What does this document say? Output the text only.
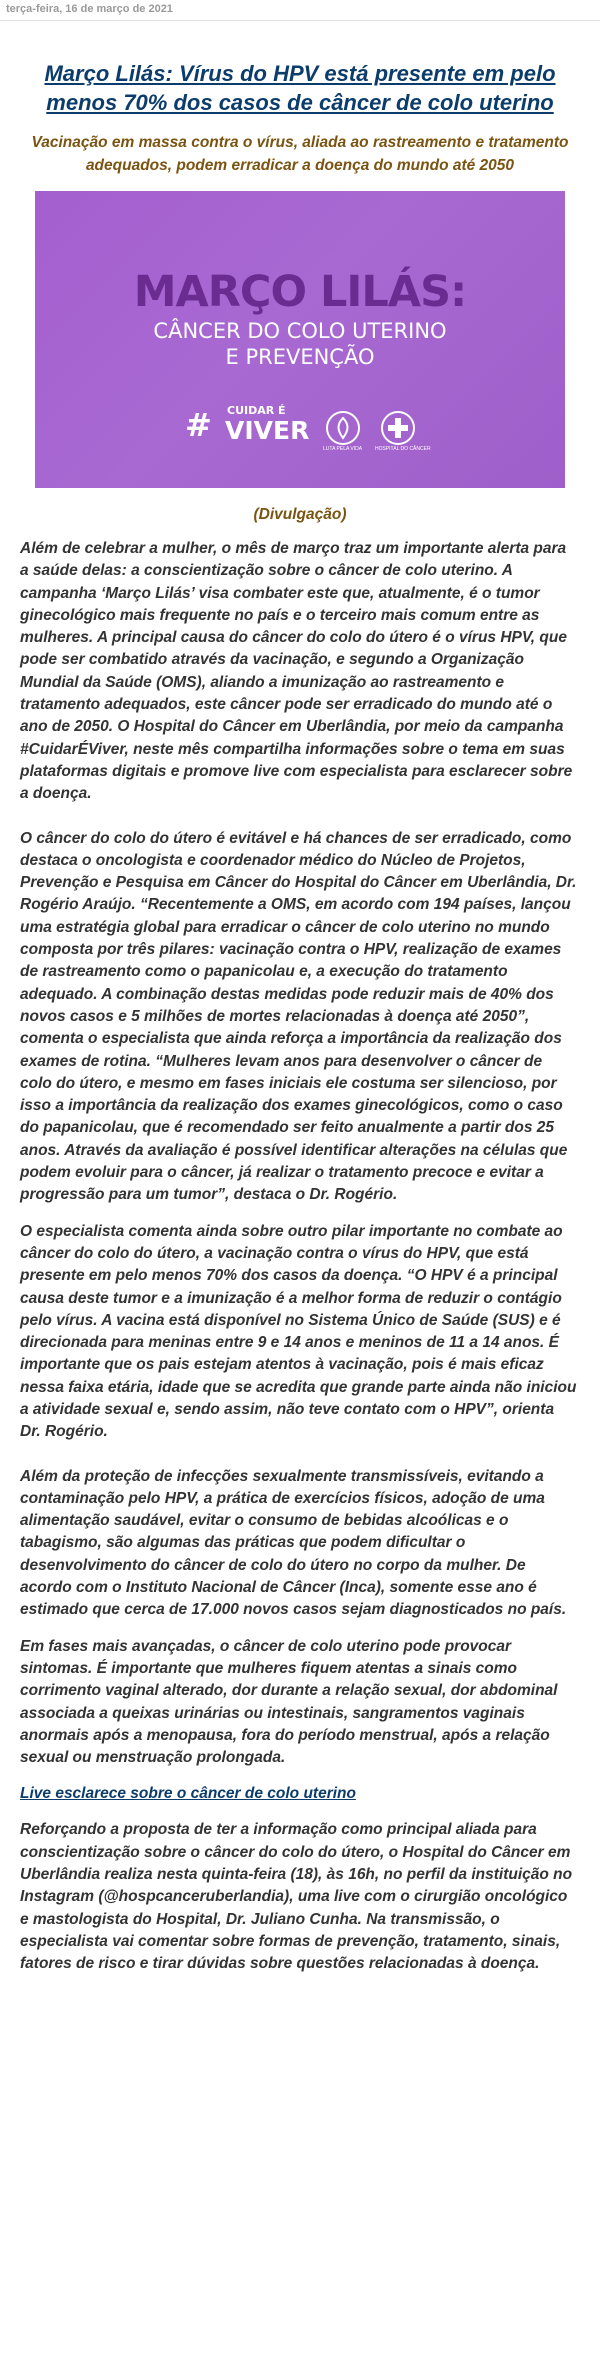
terça-feira, 16 de março de 2021
Março Lilás: Vírus do HPV está presente em pelo menos 70% dos casos de câncer de colo uterino
Vacinação em massa contra o vírus, aliada ao rastreamento e tratamento adequados, podem erradicar a doença do mundo até 2050
MARÇO LILÁS:
CÂNCER DO COLO UTERINO
E PREVENÇÃO
# CUIDAR É
VIVER
LUTA PELA VIDA	HOSPITAL DO CÂNCER
(Divulgação)

Além de celebrar a mulher, o mês de março traz um importante alerta para a saúde delas: a conscientização sobre o câncer de colo uterino. A campanha ‘Março Lilás’ visa combater este que, atualmente, é o tumor ginecológico mais frequente no país e o terceiro mais comum entre as mulheres. A principal causa do câncer do colo do útero é o vírus HPV, que pode ser combatido através da vacinação, e segundo a Organização Mundial da Saúde (OMS), aliando a imunização ao rastreamento e tratamento adequados, este câncer pode ser erradicado do mundo até o ano de 2050. O Hospital do Câncer em Uberlândia, por meio da campanha #CuidarÉViver, neste mês compartilha informações sobre o tema em suas plataformas digitais e promove live com especialista para esclarecer sobre a doença.

O câncer do colo do útero é evitável e há chances de ser erradicado, como destaca o oncologista e coordenador médico do Núcleo de Projetos, Prevenção e Pesquisa em Câncer do Hospital do Câncer em Uberlândia, Dr. Rogério Araújo. “Recentemente a OMS, em acordo com 194 países, lançou uma estratégia global para erradicar o câncer de colo uterino no mundo composta por três pilares: vacinação contra o HPV, realização de exames de rastreamento como o papanicolau e, a execução do tratamento adequado. A combinação destas medidas pode reduzir mais de 40% dos novos casos e 5 milhões de mortes relacionadas à doença até 2050”, comenta o especialista que ainda reforça a importância da realização dos exames de rotina. “Mulheres levam anos para desenvolver o câncer de colo do útero, e mesmo em fases iniciais ele costuma ser silencioso, por isso a importância da realização dos exames ginecológicos, como o caso do papanicolau, que é recomendado ser feito anualmente a partir dos 25 anos. Através da avaliação é possível identificar alterações na células que podem evoluir para o câncer, já realizar o tratamento precoce e evitar a progressão para um tumor”, destaca o Dr. Rogério.

O especialista comenta ainda sobre outro pilar importante no combate ao câncer do colo do útero, a vacinação contra o vírus do HPV, que está presente em pelo menos 70% dos casos da doença. “O HPV é a principal causa deste tumor e a imunização é a melhor forma de reduzir o contágio pelo vírus. A vacina está disponível no Sistema Único de Saúde (SUS) e é direcionada para meninas entre 9 e 14 anos e meninos de 11 a 14 anos. É importante que os pais estejam atentos à vacinação, pois é mais eficaz nessa faixa etária, idade que se acredita que grande parte ainda não iniciou a atividade sexual e, sendo assim, não teve contato com o HPV”, orienta Dr. Rogério.

Além da proteção de infecções sexualmente transmissíveis, evitando a contaminação pelo HPV, a prática de exercícios físicos, adoção de uma alimentação saudável, evitar o consumo de bebidas alcoólicas e o tabagismo, são algumas das práticas que podem dificultar o desenvolvimento do câncer de colo do útero no corpo da mulher. De acordo com o Instituto Nacional de Câncer (Inca), somente esse ano é estimado que cerca de 17.000 novos casos sejam diagnosticados no país.

Em fases mais avançadas, o câncer de colo uterino pode provocar sintomas. É importante que mulheres fiquem atentas a sinais como corrimento vaginal alterado, dor durante a relação sexual, dor abdominal associada a queixas urinárias ou intestinais, sangramentos vaginais anormais após a menopausa, fora do período menstrual, após a relação sexual ou menstruação prolongada.

Live esclarece sobre o câncer de colo uterino

Reforçando a proposta de ter a informação como principal aliada para conscientização sobre o câncer do colo do útero, o Hospital do Câncer em Uberlândia realiza nesta quinta-feira (18), às 16h, no perfil da instituição no Instagram (@hospcanceruberlandia), uma live com o cirurgião oncológico e mastologista do Hospital, Dr. Juliano Cunha. Na transmissão, o especialista vai comentar sobre formas de prevenção, tratamento, sinais, fatores de risco e tirar dúvidas sobre questões relacionadas à doença.
